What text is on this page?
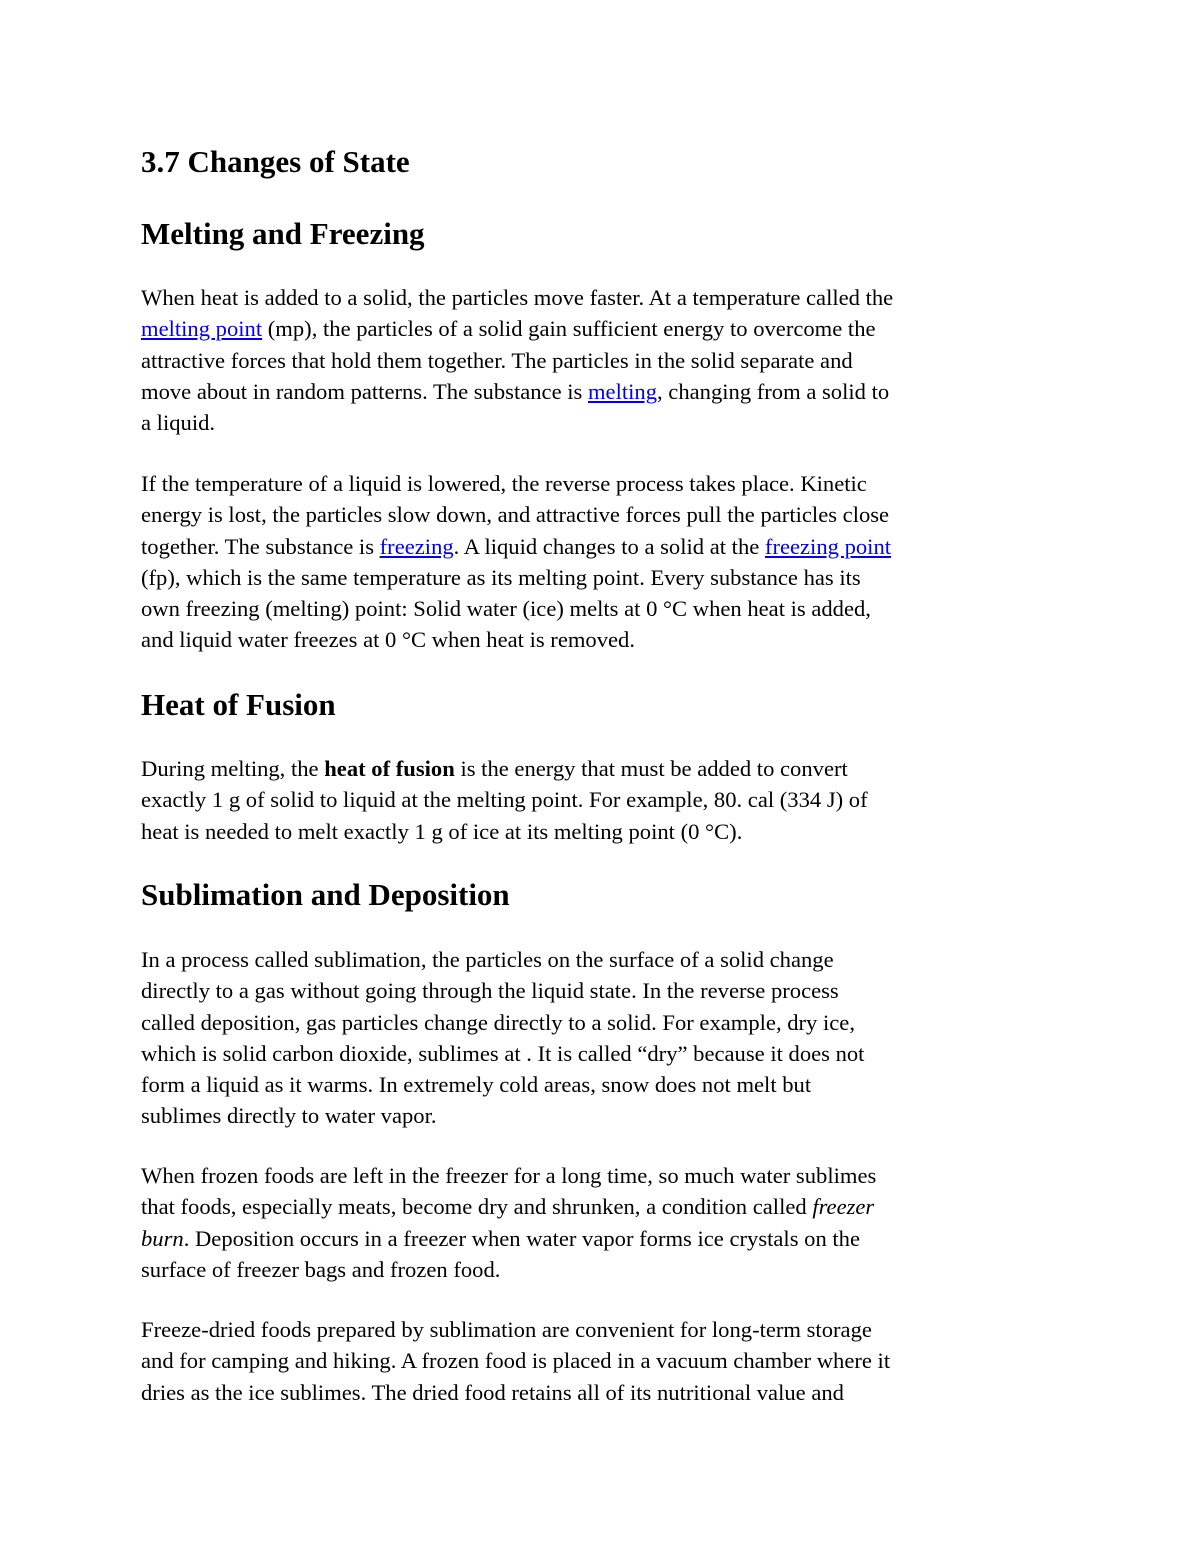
3.7 Changes of State
Melting and Freezing

When heat is added to a solid, the particles move faster. At a temperature called the
melting point (mp), the particles of a solid gain sufficient energy to overcome the
attractive forces that hold them together. The particles in the solid separate and
move about in random patterns. The substance is melting, changing from a solid to
a liquid.

If the temperature of a liquid is lowered, the reverse process takes place. Kinetic
energy is lost, the particles slow down, and attractive forces pull the particles close
together. The substance is freezing. A liquid changes to a solid at the freezing point
(fp), which is the same temperature as its melting point. Every substance has its
own freezing (melting) point: Solid water (ice) melts at 0 °C when heat is added,
and liquid water freezes at 0 °C when heat is removed.

Heat of Fusion

During melting, the heat of fusion is the energy that must be added to convert
exactly 1 g of solid to liquid at the melting point. For example, 80. cal (334 J) of
heat is needed to melt exactly 1 g of ice at its melting point (0 °C).

Sublimation and Deposition

In a process called sublimation, the particles on the surface of a solid change
directly to a gas without going through the liquid state. In the reverse process
called deposition, gas particles change directly to a solid. For example, dry ice,
which is solid carbon dioxide, sublimes at . It is called “dry” because it does not
form a liquid as it warms. In extremely cold areas, snow does not melt but
sublimes directly to water vapor.

When frozen foods are left in the freezer for a long time, so much water sublimes
that foods, especially meats, become dry and shrunken, a condition called freezer
burn. Deposition occurs in a freezer when water vapor forms ice crystals on the
surface of freezer bags and frozen food.

Freeze-dried foods prepared by sublimation are convenient for long-term storage
and for camping and hiking. A frozen food is placed in a vacuum chamber where it
dries as the ice sublimes. The dried food retains all of its nutritional value and
